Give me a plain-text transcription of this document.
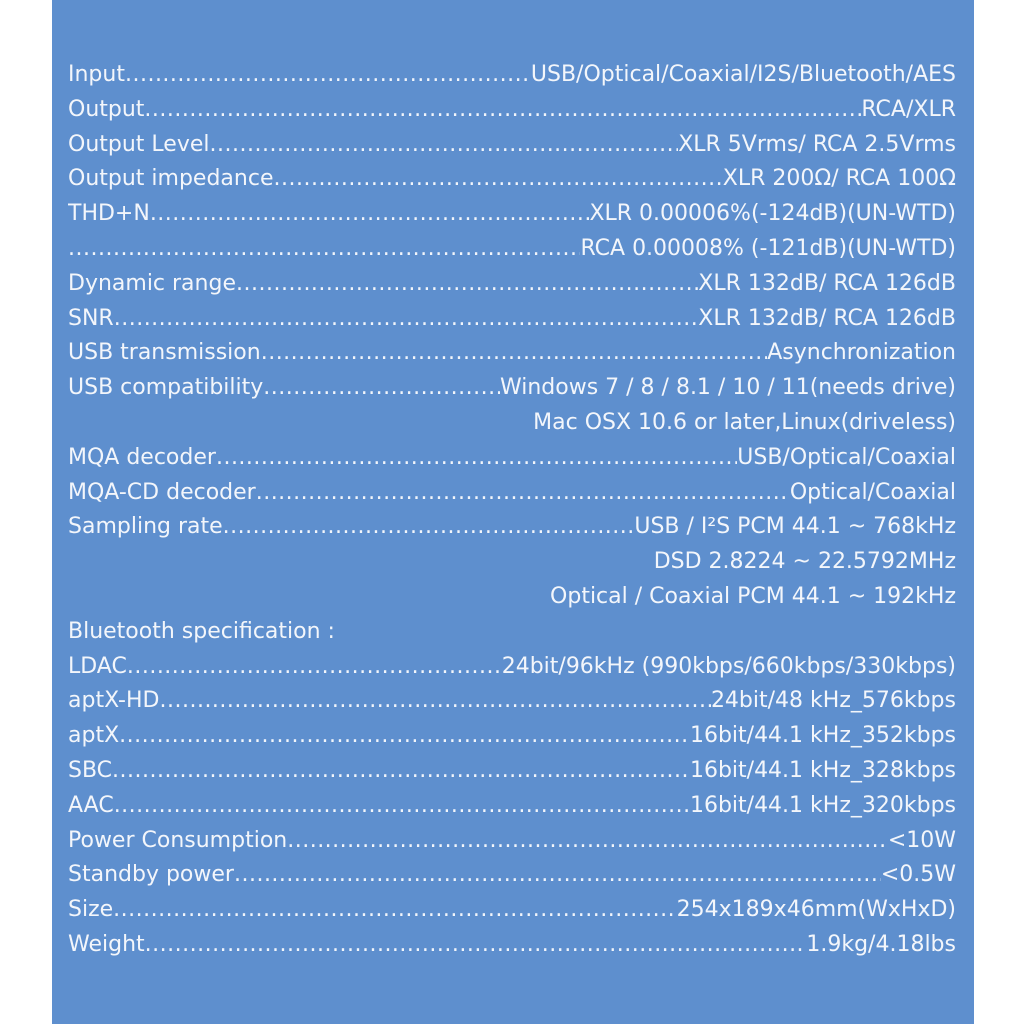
Input .....	USB/Optical/Coaxial/I2S/Bluetooth/AES
Output .....	RCA/XLR
Output Level .....	XLR 5Vrms/ RCA 2.5Vrms
Output impedance .....	XLR 200Ω/ RCA 100Ω
THD+N .....	XLR 0.00006%(-124dB)(UN-WTD)
.....
RCA 0.00008% (-121dB)(UN-WTD)
Dynamic range .....	XLR 132dB/ RCA 126dB
SNR .....	XLR 132dB/ RCA 126dB
USB transmission .....	Asynchronization
USB compatibility .....	Windows 7 / 8 / 8.1 / 10 / 11(needs drive)
Mac OSX 10.6 or later,Linux(driveless)
MQA decoder .....	USB/Optical/Coaxial
MQA-CD decoder .....	Optical/Coaxial
Sampling rate .....	USB / I²S PCM 44.1 ~ 768kHz
DSD 2.8224 ~ 22.5792MHz
Optical / Coaxial PCM 44.1 ~ 192kHz
Bluetooth specification :
LDAC .....	24bit/96kHz (990kbps/660kbps/330kbps)
aptX-HD .....	24bit/48 kHz_576kbps
aptX .....	16bit/44.1 kHz_352kbps
SBC .....	16bit/44.1 kHz_328kbps
AAC .....	16bit/44.1 kHz_320kbps
Power Consumption .....	<10W
Standby power .....	<0.5W
Size .....	254x189x46mm(WxHxD)
Weight .....	1.9kg/4.18lbs
